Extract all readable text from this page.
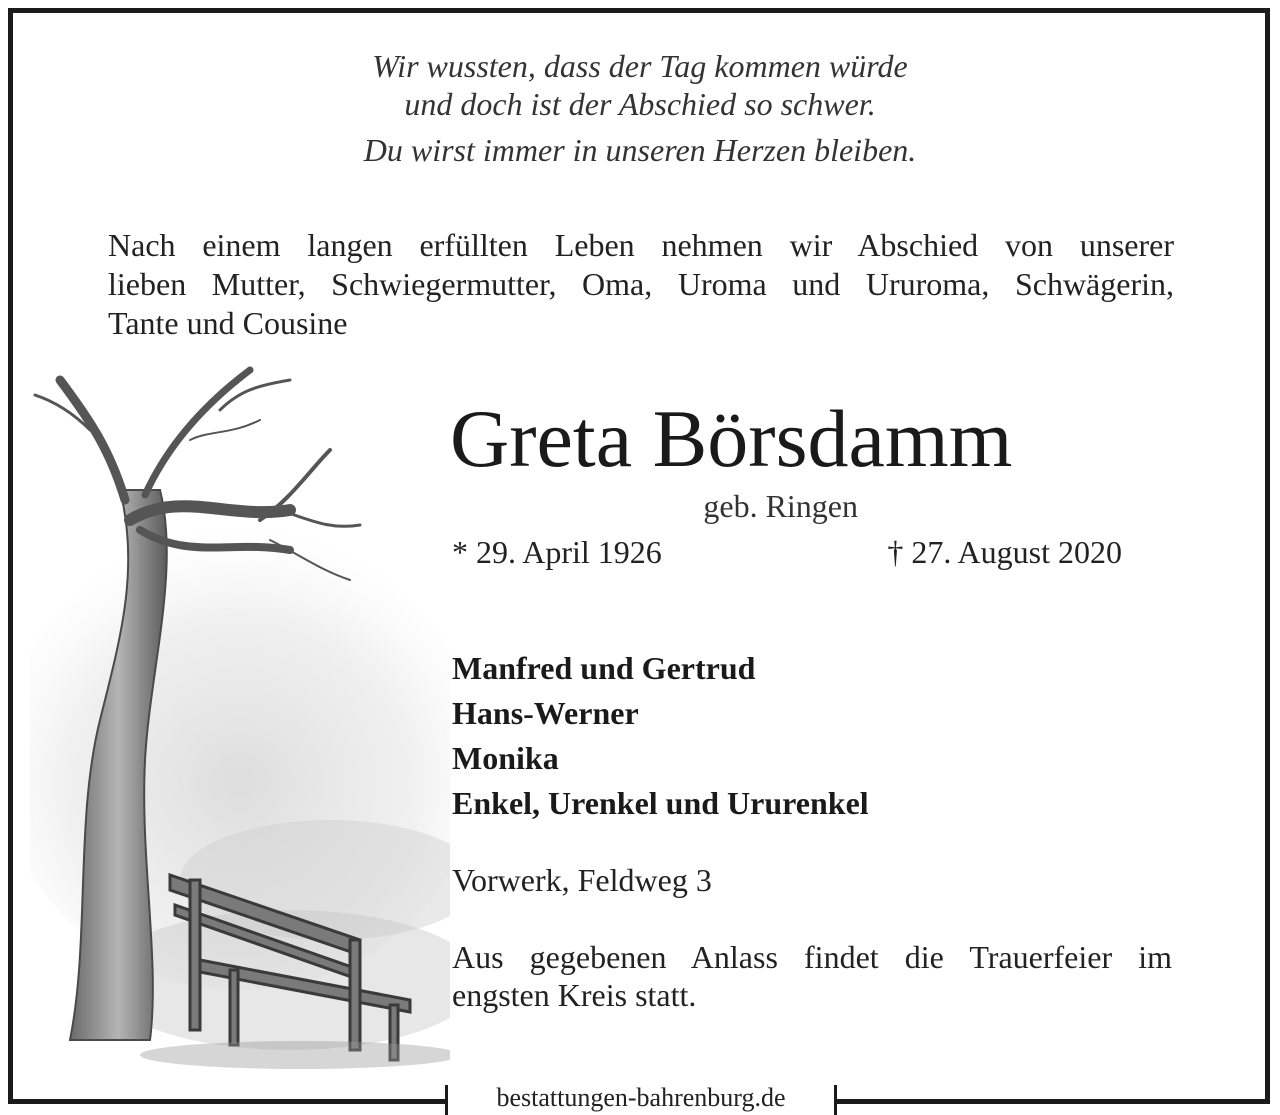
Wir wussten, dass der Tag kommen würde
und doch ist der Abschied so schwer.
Du wirst immer in unseren Herzen bleiben.
Nach einem langen erfüllten Leben nehmen wir Abschied von unserer
lieben Mutter, Schwiegermutter, Oma, Uroma und Ururoma, Schwägerin,
Tante und Cousine
Greta Börsdamm
geb. Ringen
* 29. April 1926	† 27. August 2020
Manfred und Gertrud
Hans-Werner
Monika
Enkel, Urenkel und Ururenkel
Vorwerk, Feldweg 3
Aus gegebenen Anlass findet die Trauerfeier im
engsten Kreis statt.
bestattungen-bahrenburg.de
